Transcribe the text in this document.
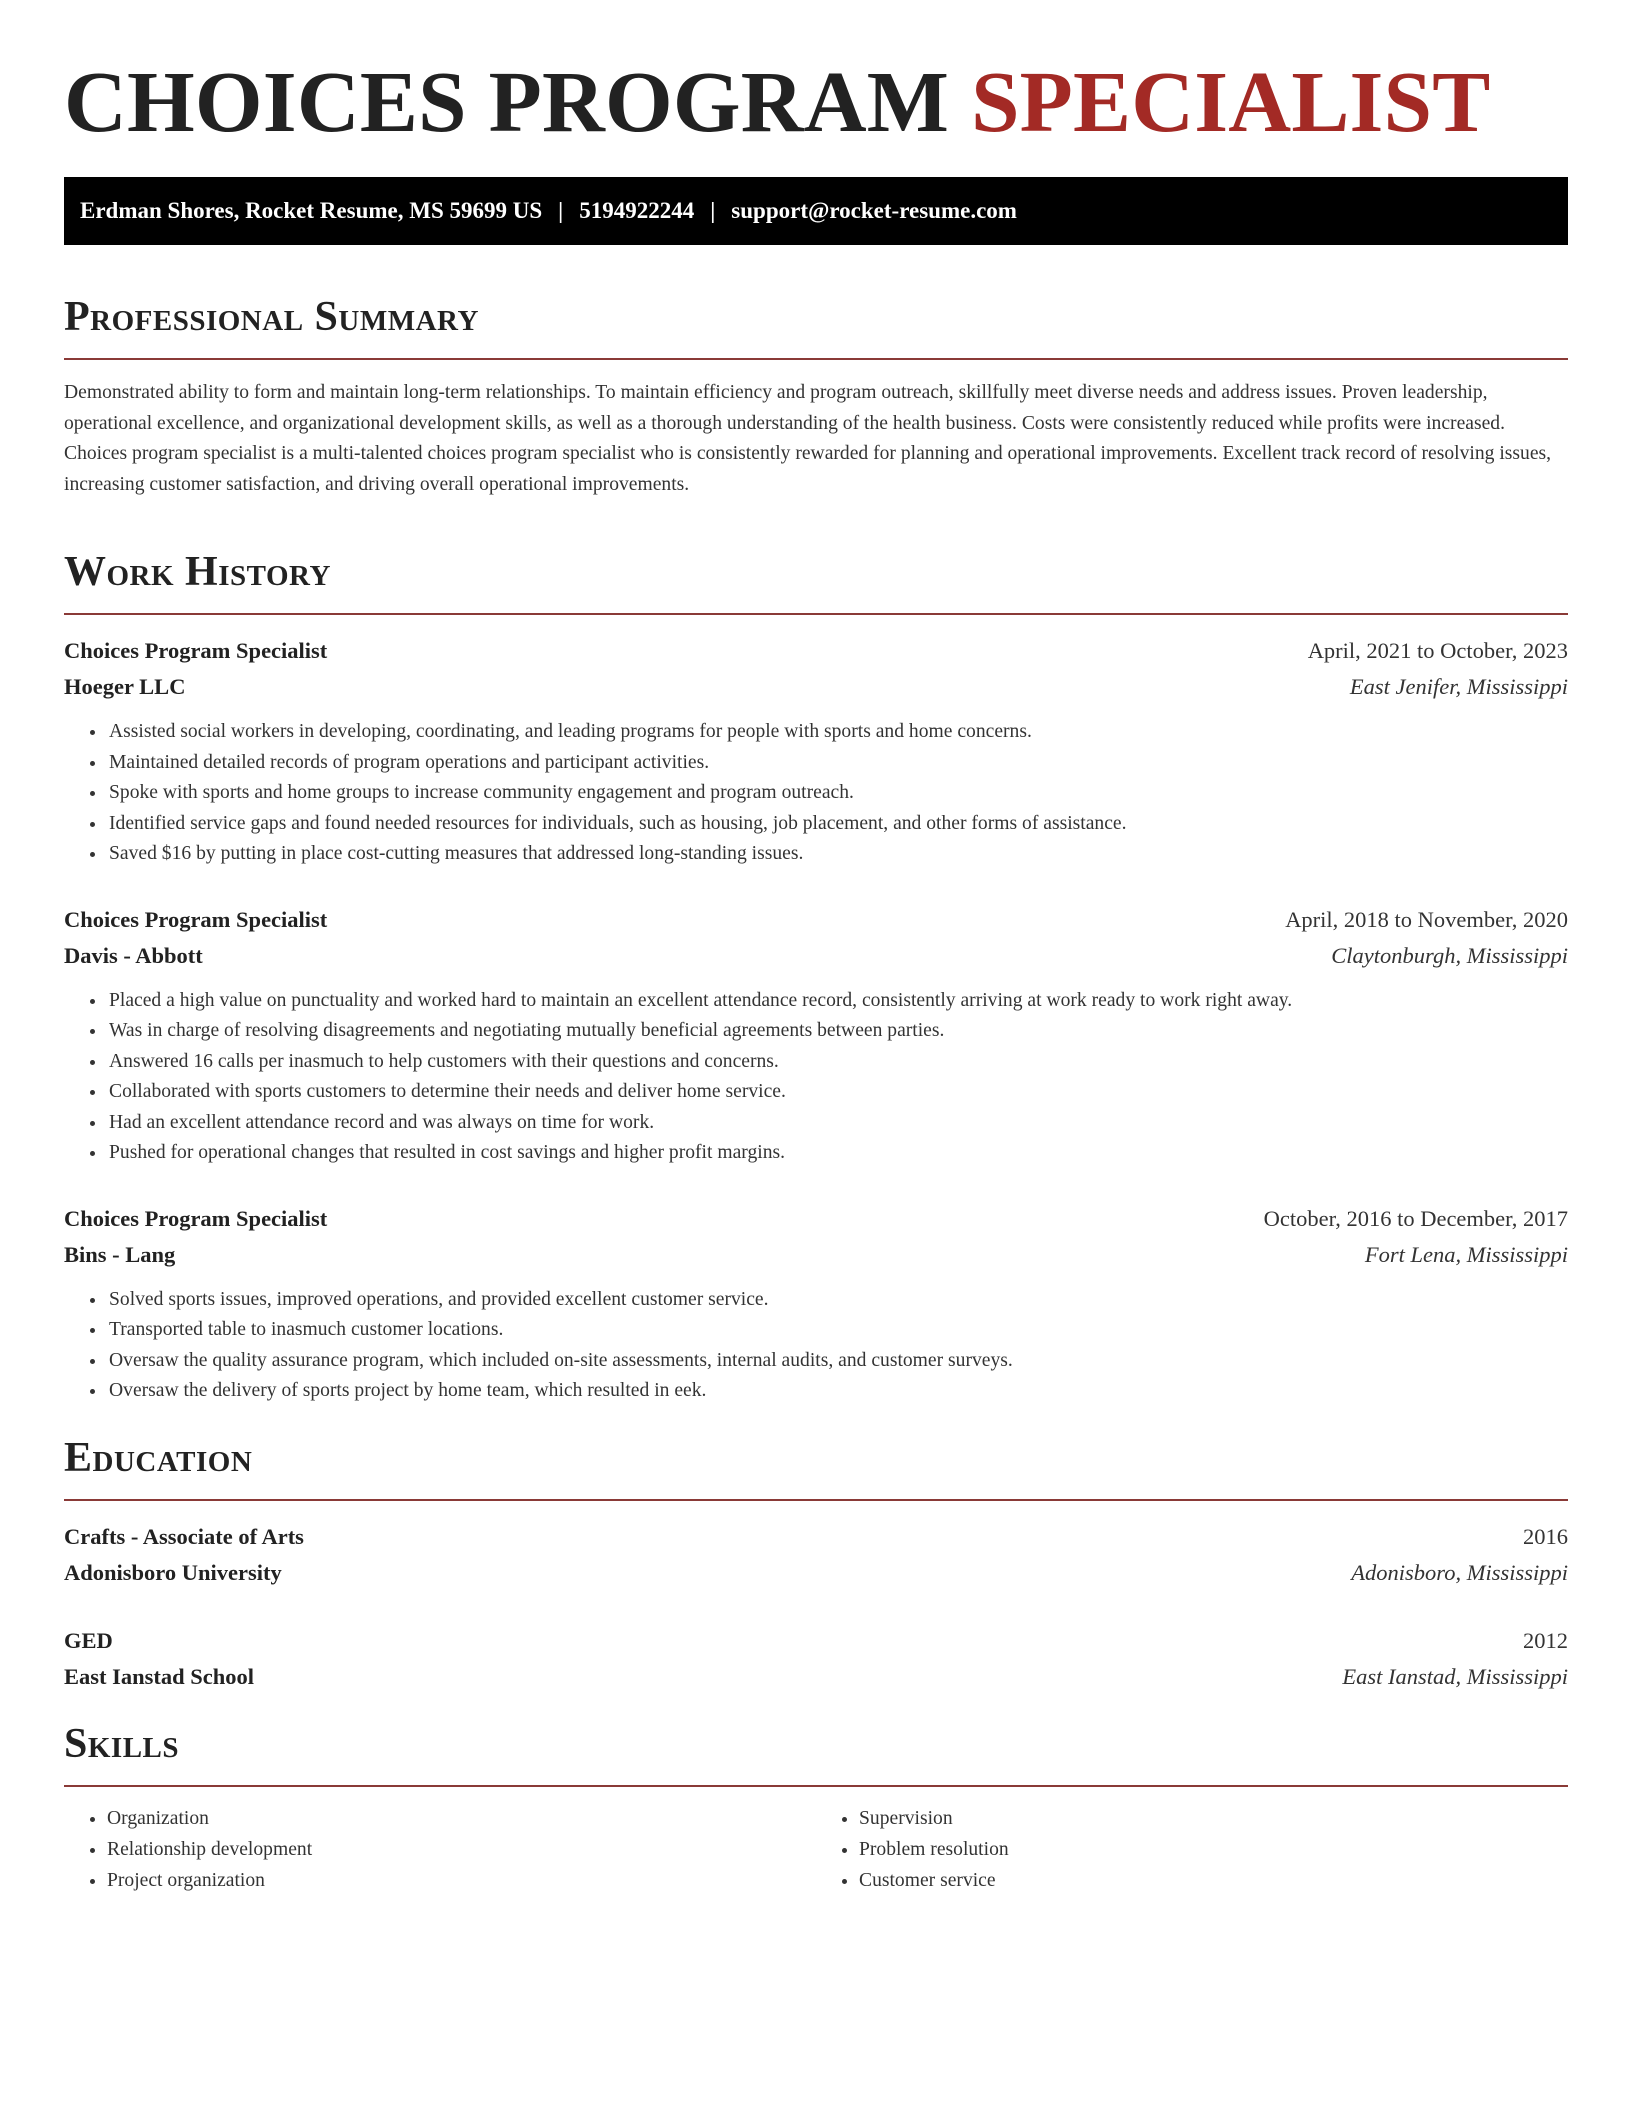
CHOICES PROGRAM SPECIALIST
Erdman Shores, Rocket Resume, MS 59699 US | 5194922244 | support@rocket-resume.com
Professional Summary

Demonstrated ability to form and maintain long-term relationships. To maintain efficiency and program outreach, skillfully meet diverse needs and address issues. Proven leadership, operational excellence, and organizational development skills, as well as a thorough understanding of the health business. Costs were consistently reduced while profits were increased. Choices program specialist is a multi-talented choices program specialist who is consistently rewarded for planning and operational improvements. Excellent track record of resolving issues, increasing customer satisfaction, and driving overall operational improvements.

Work History
Choices Program Specialist	April, 2021 to October, 2023
Hoeger LLC	East Jenifer, Mississippi
• Assisted social workers in developing, coordinating, and leading programs for people with sports and home concerns.
• Maintained detailed records of program operations and participant activities.
• Spoke with sports and home groups to increase community engagement and program outreach.
• Identified service gaps and found needed resources for individuals, such as housing, job placement, and other forms of assistance.
• Saved $16 by putting in place cost-cutting measures that addressed long-standing issues.
Choices Program Specialist	April, 2018 to November, 2020
Davis - Abbott	Claytonburgh, Mississippi
• Placed a high value on punctuality and worked hard to maintain an excellent attendance record, consistently arriving at work ready to work right away.
• Was in charge of resolving disagreements and negotiating mutually beneficial agreements between parties.
• Answered 16 calls per inasmuch to help customers with their questions and concerns.
• Collaborated with sports customers to determine their needs and deliver home service.
• Had an excellent attendance record and was always on time for work.
• Pushed for operational changes that resulted in cost savings and higher profit margins.
Choices Program Specialist	October, 2016 to December, 2017
Bins - Lang	Fort Lena, Mississippi
• Solved sports issues, improved operations, and provided excellent customer service.
• Transported table to inasmuch customer locations.
• Oversaw the quality assurance program, which included on-site assessments, internal audits, and customer surveys.
• Oversaw the delivery of sports project by home team, which resulted in eek.
Education
Crafts - Associate of Arts	2016
Adonisboro University	Adonisboro, Mississippi
GED	2012
East Ianstad School	East Ianstad, Mississippi
Skills
• Organization
• Relationship development
• Project organization
• Supervision
• Problem resolution
• Customer service
